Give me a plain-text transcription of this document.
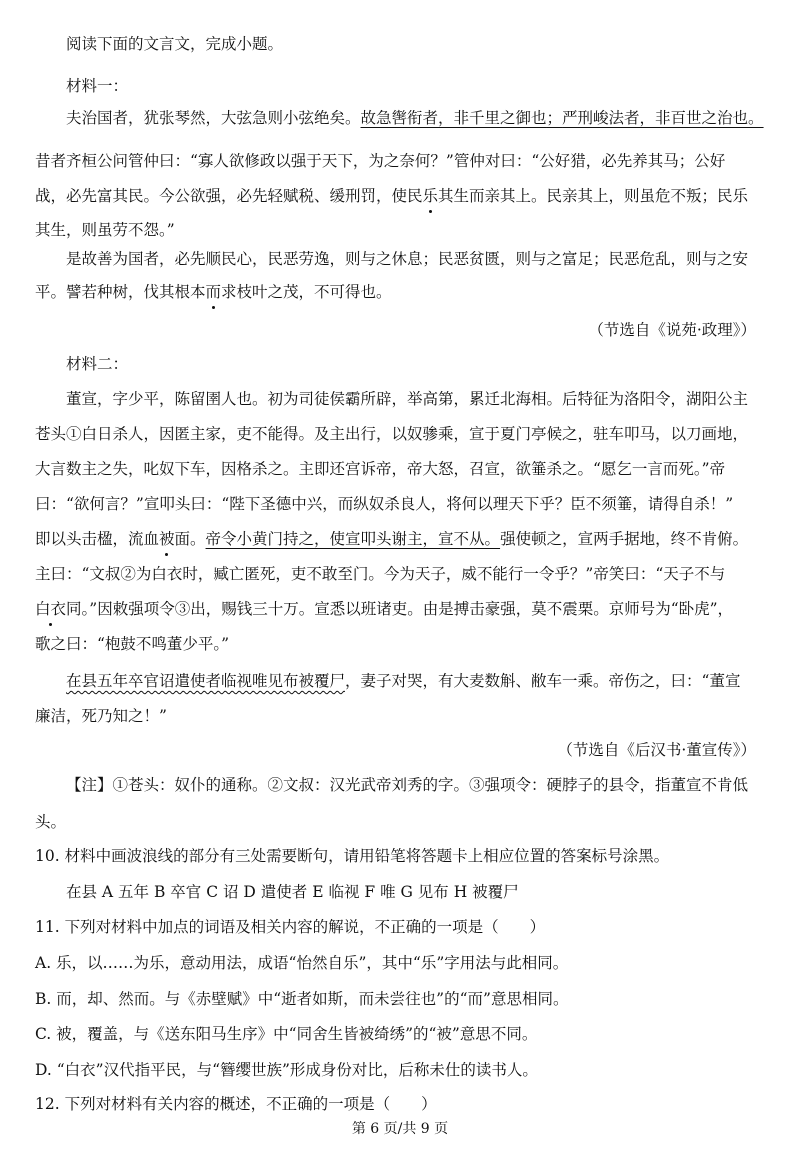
阅读下面的文言文，完成小题。
材料一：
夫治国者，犹张琴然，大弦急则小弦绝矣。故急辔衔者，非千里之御也；严刑峻法者，非百世之治也。
昔者齐桓公问管仲曰：“寡人欲修政以强于天下，为之奈何？”管仲对曰：“公好猎，必先养其马；公好
战，必先富其民。今公欲强，必先轻赋税、缓刑罚，使民乐其生而亲其上。民亲其上，则虽危不叛；民乐
其生，则虽劳不怨。”
是故善为国者，必先顺民心，民恶劳逸，则与之休息；民恶贫匮，则与之富足；民恶危乱，则与之安
平。譬若种树，伐其根本而求枝叶之茂，不可得也。
（节选自《说苑·政理》）
材料二：
董宣，字少平，陈留圉人也。初为司徒侯霸所辟，举高第，累迁北海相。后特征为洛阳令，湖阳公主
苍头①白日杀人，因匿主家，吏不能得。及主出行，以奴骖乘，宣于夏门亭候之，驻车叩马，以刀画地，
大言数主之失，叱奴下车，因格杀之。主即还宫诉帝，帝大怒，召宣，欲箠杀之。“愿乞一言而死。”帝
曰：“欲何言？”宣叩头曰：“陛下圣德中兴，而纵奴杀良人，将何以理天下乎？臣不须箠，请得自杀！”
即以头击楹，流血被面。帝令小黄门持之，使宣叩头谢主，宣不从。强使顿之，宣两手据地，终不肯俯。
主曰：“文叔②为白衣时，臧亡匿死，吏不敢至门。今为天子，威不能行一令乎？”帝笑曰：“天子不与
白衣同。”因敕强项令③出，赐钱三十万。宣悉以班诸吏。由是搏击豪强，莫不震栗。京师号为“卧虎”，
歌之曰：“枹鼓不鸣董少平。”
在县五年卒官诏遣使者临视唯见布被覆尸，妻子对哭，有大麦数斛、敝车一乘。帝伤之，曰：“董宣
廉洁，死乃知之！”
（节选自《后汉书·董宣传》）
【注】①苍头：奴仆的通称。②文叔：汉光武帝刘秀的字。③强项令：硬脖子的县令，指董宣不肯低
头。
10. 材料中画波浪线的部分有三处需要断句，请用铅笔将答题卡上相应位置的答案标号涂黑。
在县 A 五年 B 卒官 C 诏 D 遣使者 E 临视 F 唯 G 见布 H 被覆尸
11. 下列对材料中加点的词语及相关内容的解说，不正确的一项是（　　）
A. 乐，以……为乐，意动用法，成语“怡然自乐”，其中“乐”字用法与此相同。
B. 而，却、然而。与《赤壁赋》中“逝者如斯，而未尝往也”的“而”意思相同。
C. 被，覆盖，与《送东阳马生序》中“同舍生皆被绮绣”的“被”意思不同。
D. “白衣”汉代指平民，与“簪缨世族”形成身份对比，后称未仕的读书人。
12. 下列对材料有关内容的概述，不正确的一项是（　　）
第 6 页/共 9 页
